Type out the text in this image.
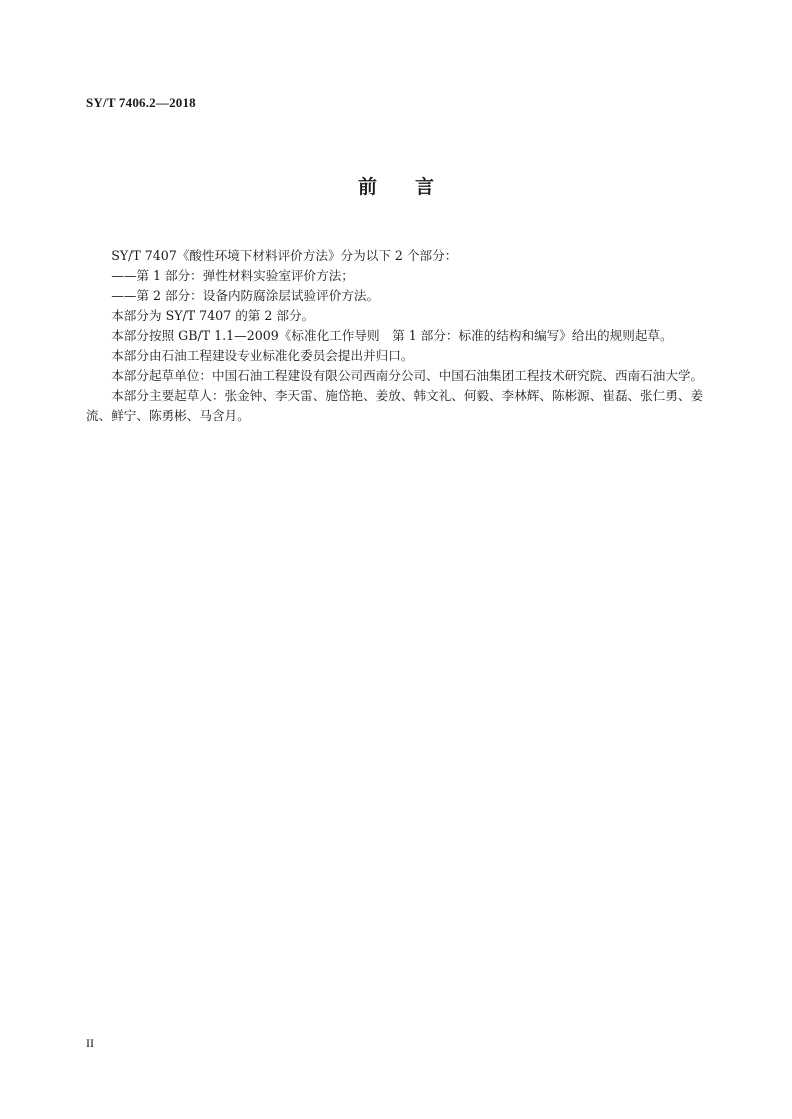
SY/T 7406.2—2018
前 言

SY/T 7407《酸性环境下材料评价方法》分为以下 2 个部分：

——第 1 部分：弹性材料实验室评价方法；

——第 2 部分：设备内防腐涂层试验评价方法。

本部分为 SY/T 7407 的第 2 部分。

本部分按照 GB/T 1.1—2009《标准化工作导则　第 1 部分：标准的结构和编写》给出的规则起草。

本部分由石油工程建设专业标准化委员会提出并归口。

本部分起草单位：中国石油工程建设有限公司西南分公司、中国石油集团工程技术研究院、西南石油大学。

本部分主要起草人：张金钟、李天雷、施岱艳、姜放、韩文礼、何毅、李林辉、陈彬源、崔磊、张仁勇、姜流、鲜宁、陈勇彬、马含月。

II
